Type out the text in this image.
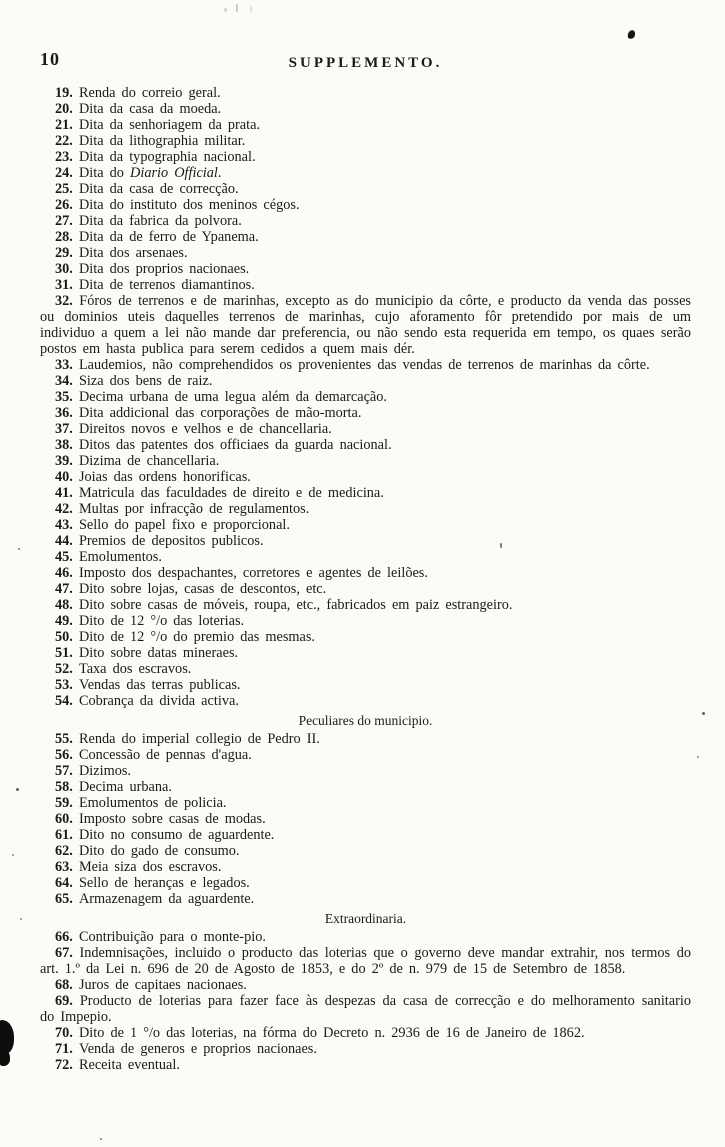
10	SUPPLEMENTO.

19. Renda do correio geral.

20. Dita da casa da moeda.

21. Dita da senhoriagem da prata.

22. Dita da lithographia militar.

23. Dita da typographia nacional.

24. Dita do Diario Official.

25. Dita da casa de correcção.

26. Dita do instituto dos meninos cégos.

27. Dita da fabrica da polvora.

28. Dita da de ferro de Ypanema.

29. Dita dos arsenaes.

30. Dita dos proprios nacionaes.

31. Dita de terrenos diamantinos.

32. Fóros de terrenos e de marinhas, excepto as do municipio da côrte, e producto da venda das posses ou dominios uteis daquelles terrenos de marinhas, cujo aforamento fôr pretendido por mais de um individuo a quem a lei não mande dar preferencia, ou não sendo esta requerida em tempo, os quaes serão postos em hasta publica para serem cedidos a quem mais dér.

33. Laudemios, não comprehendidos os provenientes das vendas de terrenos de marinhas da côrte.

34. Siza dos bens de raiz.

35. Decima urbana de uma legua além da demarcação.

36. Dita addicional das corporações de mão-morta.

37. Direitos novos e velhos e de chancellaria.

38. Ditos das patentes dos officiaes da guarda nacional.

39. Dizima de chancellaria.

40. Joias das ordens honorificas.

41. Matricula das faculdades de direito e de medicina.

42. Multas por infracção de regulamentos.

43. Sello do papel fixo e proporcional.

44. Premios de depositos publicos.

45. Emolumentos.

46. Imposto dos despachantes, corretores e agentes de leilões.

47. Dito sobre lojas, casas de descontos, etc.

48. Dito sobre casas de móveis, roupa, etc., fabricados em paiz estrangeiro.

49. Dito de 12 °/o das loterias.

50. Dito de 12 °/o do premio das mesmas.

51. Dito sobre datas mineraes.

52. Taxa dos escravos.

53. Vendas das terras publicas.

54. Cobrança da divida activa.

Peculiares do municipio.

55. Renda do imperial collegio de Pedro II.

56. Concessão de pennas d'agua.

57. Dizimos.

58. Decima urbana.

59. Emolumentos de policia.

60. Imposto sobre casas de modas.

61. Dito no consumo de aguardente.

62. Dito do gado de consumo.

63. Meia siza dos escravos.

64. Sello de heranças e legados.

65. Armazenagem da aguardente.

Extraordinaria.

66. Contribuição para o monte-pio.

67. Indemnisações, incluido o producto das loterias que o governo deve mandar extrahir, nos termos do art. 1.º da Lei n. 696 de 20 de Agosto de 1853, e do 2º de n. 979 de 15 de Setembro de 1858.

68. Juros de capitaes nacionaes.

69. Producto de loterias para fazer face às despezas da casa de correcção e do melhoramento sanitario do Impepio.

70. Dito de 1 °/o das loterias, na fórma do Decreto n. 2936 de 16 de Janeiro de 1862.

71. Venda de generos e proprios nacionaes.

72. Receita eventual.
